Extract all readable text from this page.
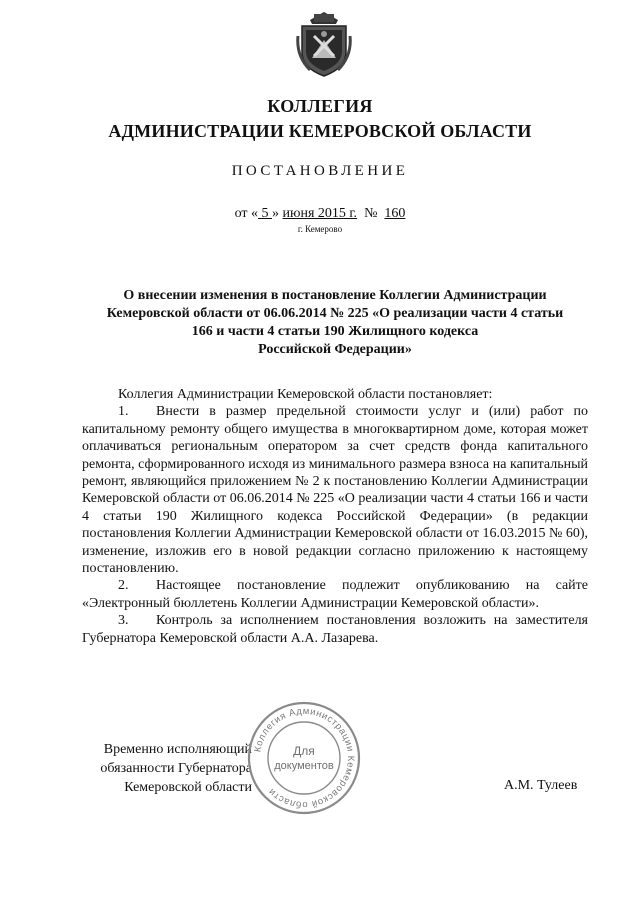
КОЛЛЕГИЯ
АДМИНИСТРАЦИИ КЕМЕРОВСКОЙ ОБЛАСТИ
ПОСТАНОВЛЕНИЕ
от « 5 » июня 2015 г. № 160
г. Кемерово
О внесении изменения в постановление Коллегии Администрации
Кемеровской области от 06.06.2014 № 225 «О реализации части 4 статьи
166 и части 4 статьи 190 Жилищного кодекса
Российской Федерации»

Коллегия Администрации Кемеровской области постановляет:

1. Внести в размер предельной стоимости услуг и (или) работ по капитальному ремонту общего имущества в многоквартирном доме, которая может оплачиваться региональным оператором за счет средств фонда капитального ремонта, сформированного исходя из минимального размера взноса на капитальный ремонт, являющийся приложением № 2 к постановлению Коллегии Администрации Кемеровской области от 06.06.2014 № 225 «О реализации части 4 статьи 166 и части 4 статьи 190 Жилищного кодекса Российской Федерации» (в редакции постановления Коллегии Администрации Кемеровской области от 16.03.2015 № 60), изменение, изложив его в новой редакции согласно приложению к настоящему постановлению.

2. Настоящее постановление подлежит опубликованию на сайте «Электронный бюллетень Коллегии Администрации Кемеровской области».

3. Контроль за исполнением постановления возложить на заместителя Губернатора Кемеровской области А.А. Лазарева.

Временно исполняющий
обязанности Губернатора
Кемеровской области	А.М. Тулеев
Коллегия Администрации Кемеровской области
Для
документов
